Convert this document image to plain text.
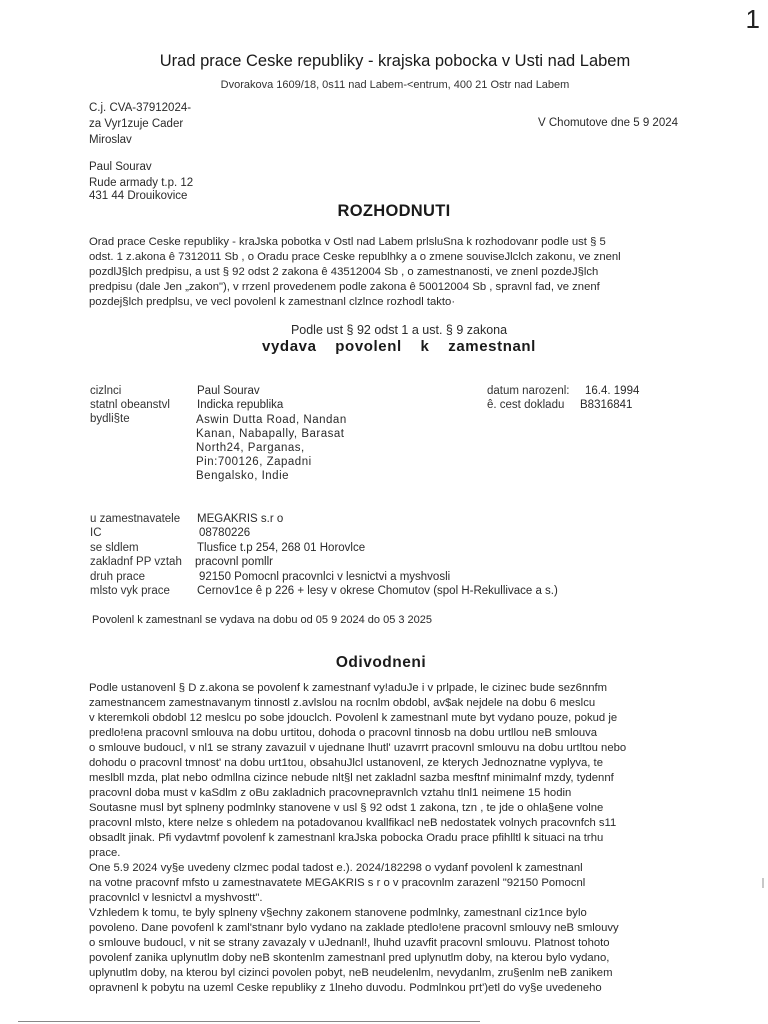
1
Urad prace Ceske republiky - krajska pobocka v Usti nad Labem
Dvorakova 1609/18, 0s11 nad Labem-<entrum, 400 21 Ostr nad Labem
C.j. CVA-37912024-
za Vyr1zuje Cader
Miroslav
V Chomutove dne 5 9 2024
Paul Sourav
Rude armady t.p. 12
431 44 Drouikovice
ROZHODNUTI
Orad prace Ceske republiky - kraJska pobotka v Ostl nad Labem prlsluSna k rozhodovanr podle ust § 5
odst. 1 z.akona ê 7312011 Sb , o Oradu prace Ceske republhky a o zmene souviseJlclch zakonu, ve znenl
pozdlJ§lch predpisu, a ust § 92 odst 2 zakona ê 43512004 Sb , o zamestnanosti, ve znenl pozdeJ§lch
predpisu (dale Jen „zakon"), v rrzenl provedenem podle zakona ê 50012004 Sb , spravnl fad, ve znenf
pozdej§lch predplsu, ve vecl povolenl k zamestnanl clzlnce rozhodl takto·
Podle ust § 92 odst 1 a ust. § 9 zakona
vydava povolenl k zamestnanl
cizlnci	Paul Sourav
statnl obeanstvl Indicka republika
bydli§te	Aswin Dutta Road, Nandan
Kanan, Nabapally, Barasat
North24, Parganas,
Pin:700126, Zapadni
Bengalsko, Indie
datum narozenl: 16.4. 1994
ê. cest dokladu B8316841
u zamestnavatele MEGAKRIS s.r o
IC	08780226
se sldlem	Tlusfice t.p 254, 268 01 Horovlce
zakladnf PP vztah pracovnl pomllr
druh prace	92150 Pomocnl pracovnlci v lesnictvi a myshvosli
mlsto vyk prace Cernov1ce ê p 226 + lesy v okrese Chomutov (spol H-Rekullivace a s.)
Povolenl k zamestnanl se vydava na dobu od 05 9 2024 do 05 3 2025
Odivodneni
Podle ustanovenl § D z.akona se povolenf k zamestnanf vy!aduJe i v prlpade, le cizinec bude sez6nnfm
zamestnancem zamestnavanym tinnostl z.avlslou na rocnlm obdobl, av$ak nejdele na dobu 6 meslcu
v kteremkoli obdobl 12 meslcu po sobe jdouclch. Povolenl k zamestnanl mute byt vydano pouze, pokud je
predlo!ena pracovnl smlouva na dobu urtitou, dohoda o pracovnl tinnosb na dobu urtllou neB smlouva
o smlouve budoucl, v nl1 se strany zavazuil v ujednane lhutl' uzavrrt pracovnl smlouvu na dobu urtltou nebo
dohodu o pracovnl tmnost' na dobu urt1tou, obsahuJlcl ustanovenl, ze kterych Jednoznatne vyplyva, te
meslbll mzda, plat nebo odmllna cizince nebude nlt§l net zakladnl sazba mesftnf minimalnf mzdy, tydennf
pracovnl doba must v kaSdlm z oBu zakladnich pracovnepravnlch vztahu tlnl1 neimene 15 hodin
Soutasne musl byt splneny podmlnky stanovene v usl § 92 odst 1 zakona, tzn , te jde o ohla§ene volne
pracovnl mlsto, ktere nelze s ohledem na potadovanou kvallfikacl neB nedostatek volnych pracovnfch s11
obsadlt jinak. Pfi vydavtmf povolenf k zamestnanl kraJska pobocka Oradu prace pfihlltl k situaci na trhu
prace.
One 5.9 2024 vy§e uvedeny clzmec podal tadost e.). 2024/182298 o vydanf povolenl k zamestnanl
na votne pracovnf mfsto u zamestnavatete MEGAKRIS s r o v pracovnlm zarazenl "92150 Pomocnl
pracovnlcl v lesnictvl a myshvostt".
Vzhledem k tomu, te byly splneny v§echny zakonem stanovene podmlnky, zamestnanl ciz1nce bylo
povoleno. Dane povofenl k zaml'stnanr bylo vydano na zaklade ptedlo!ene pracovnl smlouvy neB smlouvy
o smlouve budoucl, v nit se strany zavazaly v uJednanl!, lhuhd uzavfit pracovnl smlouvu. Platnost tohoto
povolenf zanika uplynutlm doby neB skontenlm zamestnanl pred uplynutlm doby, na kterou bylo vydano,
uplynutlm doby, na kterou byl cizinci povolen pobyt, neB neudelenlm, nevydanlm, zru§enlm neB zanikem
opravnenl k pobytu na uzeml Ceske republiky z 1lneho duvodu. Podmlnkou prt')etl do vy§e uvedeneho
